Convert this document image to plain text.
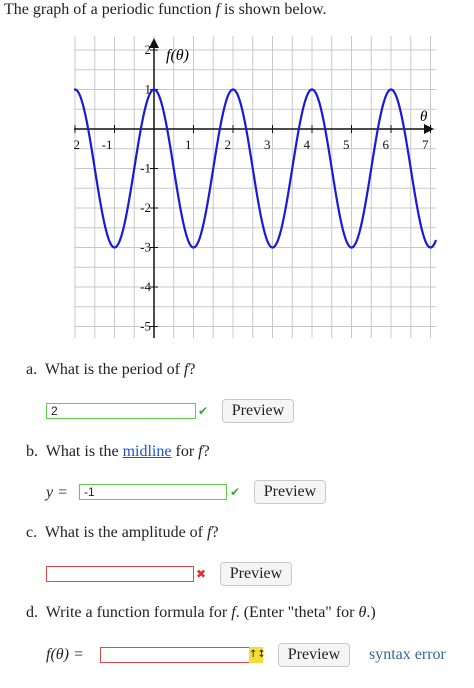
The graph of a periodic function f is shown below.
2 -1	1	2	3	4	5	6	7
2
1
-1
-2
-3
-4
-5
f(θ)
θ
a. What is the period of f?
2	✔	Preview
b. What is the midline for f?
y =	-1	✔	Preview
c. What is the amplitude of f?
✖	Preview
d. Write a function formula for f. (Enter "theta" for θ.)
f(θ) =	↑↕	Preview	syntax error
